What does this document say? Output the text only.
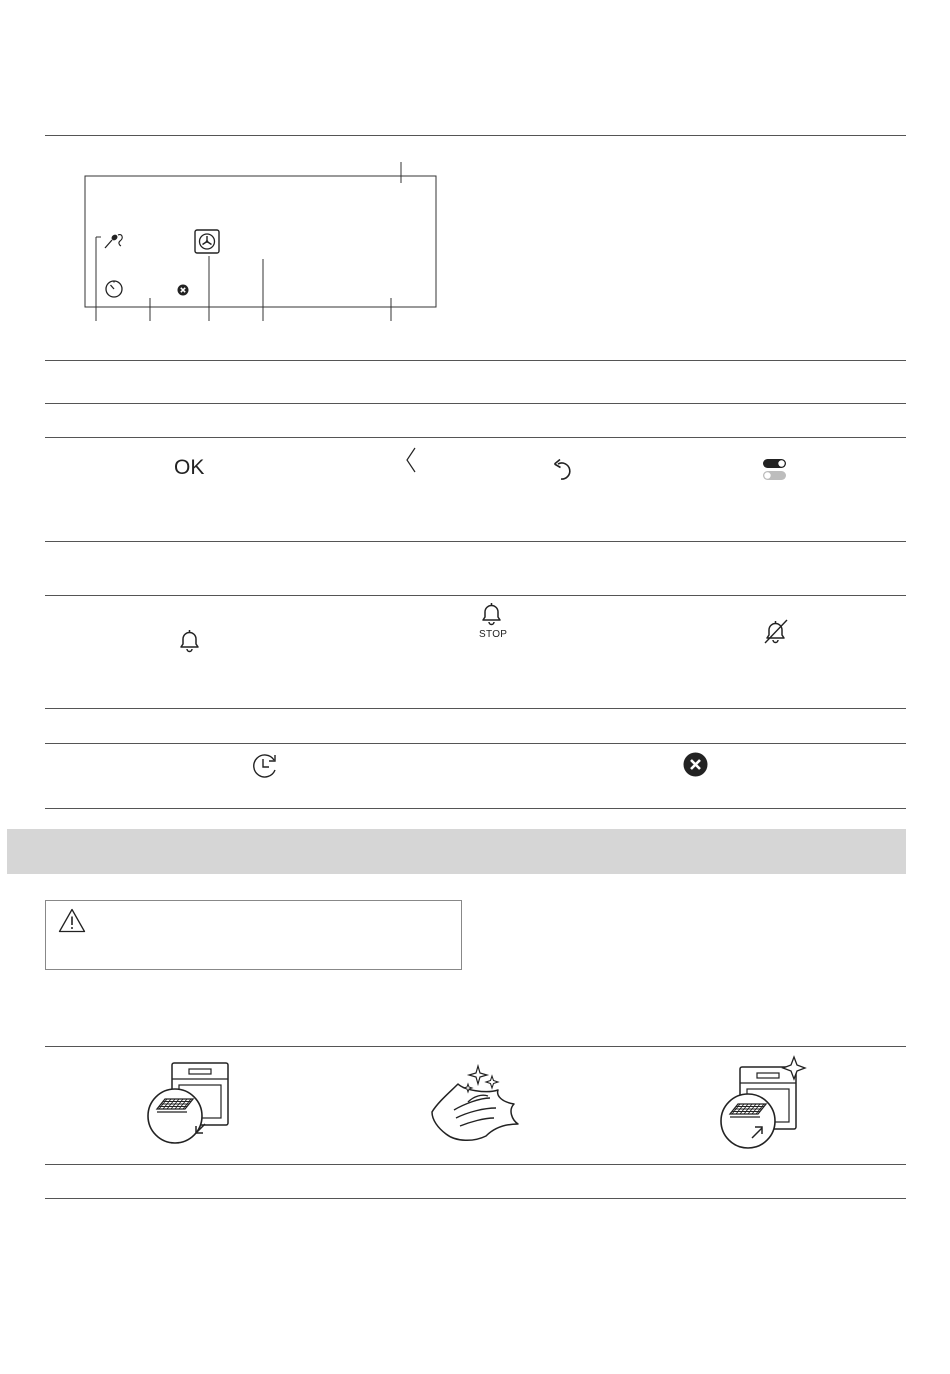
OK
STOP
